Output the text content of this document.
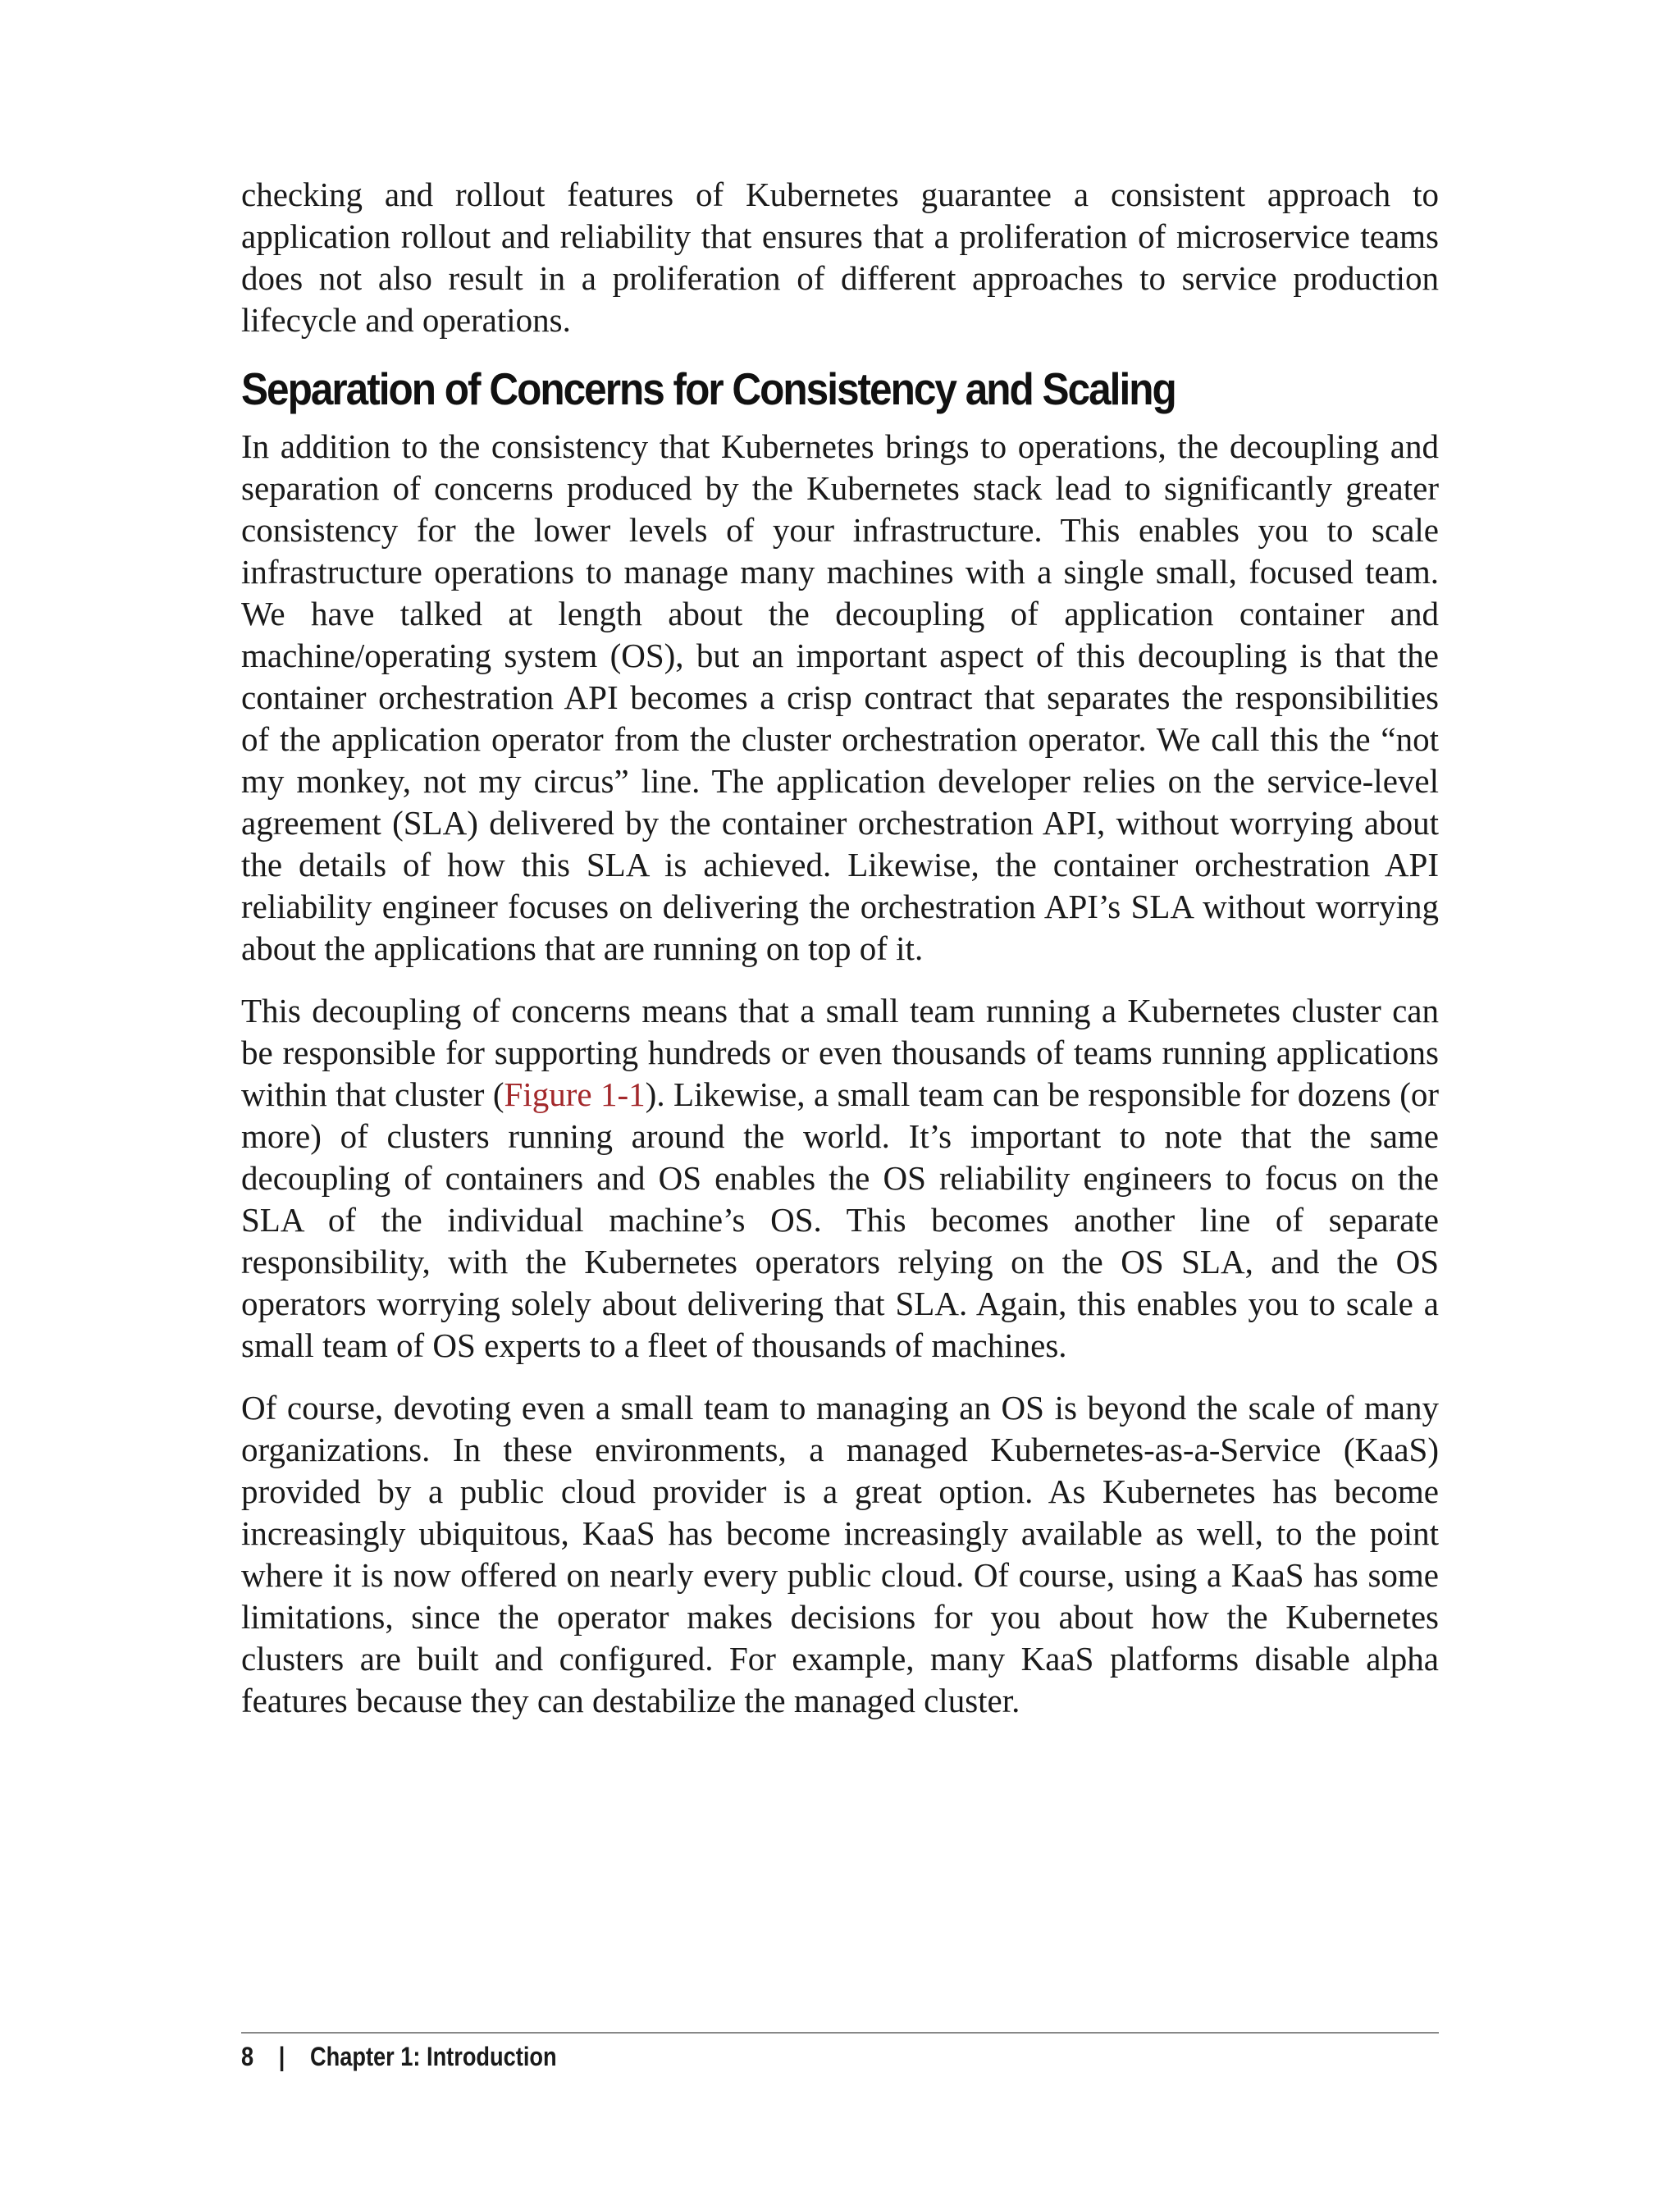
checking and rollout features of Kubernetes guarantee a consistent approach to application rollout and reliability that ensures that a proliferation of microservice teams does not also result in a proliferation of different approaches to service production lifecycle and operations.

Separation of Concerns for Consistency and Scaling

In addition to the consistency that Kubernetes brings to operations, the decoupling and separation of concerns produced by the Kubernetes stack lead to significantly greater consistency for the lower levels of your infrastructure. This enables you to scale infrastructure operations to manage many machines with a single small, focused team. We have talked at length about the decoupling of application container and machine/operating system (OS), but an important aspect of this decoupling is that the container orchestration API becomes a crisp contract that separates the responsibilities of the application operator from the cluster orchestration operator. We call this the “not my monkey, not my circus” line. The application developer relies on the service-level agreement (SLA) delivered by the container orchestration API, without worrying about the details of how this SLA is achieved. Likewise, the container orchestration API reliability engineer focuses on delivering the orchestration API’s SLA without worrying about the applications that are running on top of it.

This decoupling of concerns means that a small team running a Kubernetes cluster can be responsible for supporting hundreds or even thousands of teams running applications within that cluster (Figure 1-1). Likewise, a small team can be responsible for dozens (or more) of clusters running around the world. It’s important to note that the same decoupling of containers and OS enables the OS reliability engineers to focus on the SLA of the individual machine’s OS. This becomes another line of separate responsibility, with the Kubernetes operators relying on the OS SLA, and the OS operators worrying solely about delivering that SLA. Again, this enables you to scale a small team of OS experts to a fleet of thousands of machines.

Of course, devoting even a small team to managing an OS is beyond the scale of many organizations. In these environments, a managed Kubernetes-as-a-Service (KaaS) provided by a public cloud provider is a great option. As Kubernetes has become increasingly ubiquitous, KaaS has become increasingly available as well, to the point where it is now offered on nearly every public cloud. Of course, using a KaaS has some limitations, since the operator makes decisions for you about how the Kubernetes clusters are built and configured. For example, many KaaS platforms disable alpha features because they can destabilize the managed cluster.

8 | Chapter 1: Introduction
